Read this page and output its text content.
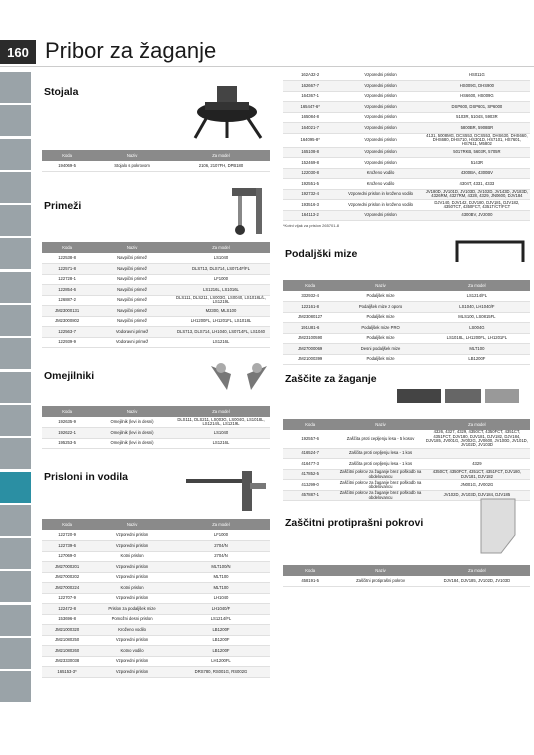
160 Pribor za žaganje
Stojala
Koda	Naziv	Za model
194069-5	Stojalo s pokrovom	2106, 2107FH, DPB180
Primeži
Koda	Naziv	Za model
122538-8	Navpični primež	LS1040
122571-8	Navpični primež	DLS713, DLS714, LS0714F/FL
122728-1	Navpični primež	LF1000
122854-6	Navpični primež	LS1216L, LS1016L
126887-2	Navpični primež	DLS111, DLS211, LS003G, LS0040, LS1018L/L, LS1219L
JM23000131	Navpični primež	M2300, MLS100
JM23000802	Navpični primež	LH1200FL, LH1201FL, LS1018L
122563-7	Vodoravni primež	DLS713, DLS714, LH1040, LS0714FL, LS1040
122939-9	Vodoravni primež	LS1216L
Omejilniki
Koda	Naziv	Za model
192635-9	Omejilnik (levi in desni)	DLS111, DLS211, LS003G, LS004G, LS1018L, LS1214/L, LS1219L
192622-1	Omejilnik (levi in desni)	LS1040
195253-5	Omejilnik (levi in desni)	LS1216L
Prisloni in vodila
Koda	Naziv	Za model
122720-9	Vzporedni prislon	LF1000
122739-6	Vzporedni prislon	2704/N
127069-0	Kotni prislon	2704/N
JM27000201	Vzporedni prislon	MLT100/N
JM27000202	Vzporedni prislon	MLT100
JM27000224	Kotni prislon	MLT100
122707-9	Vzporedni prislon	LH1040
122472-8	Prislon za podaljšek mize	LH1040/F
153696-8	Pomožni desni prislon	LS1214/FL
JM21000320	Kroženo vodilo	LB1200F
JM21080250	Vzporedni prislon	LB1200F
JM21080260	Kotno vodilo	LB1200F
JM23330038	Vzporedni prislon	LH1200FL
165153-3*	Vzporedni prislon	DRS780, RS001G, RS002G
162A32-2	Vzporedni prislon	HS011G
162667-7	Vzporedni prislon	HS009G, DHS900
164367-1	Vzporedni prislon	HS6600, HS009G
165447-6*	Vzporedni prislon	DSP600, DSP601, SP6000
165084-8	Vzporedni prislon	5103R, 5104S, 5903R
164021-7	Vzporedni prislon	5800BR, 5908BR
164095-8*	Vzporedni prislon	4131, 5008MG, DCS553, DCS553, DHS630, DHS660, DHS680, DHS710, HS301D, HS7101, HS7601, HS7611, M5802
165108-8	Vzporedni prislon	5017RKB, 5603R, 5705R
152469-8	Vzporedni prislon	5143R
122030-8	Kroženo vodilo	4300BA, 4300BV
192551-5	Kroženo vodilo	4304T, 4331, 4333
192732-4	Vzporedni prislon in kroženo vodilo	JV180D, JV101D, JV103D, JV102D, JV143D, JV183D, 4326RM, 4327RM, 4328, 4329, JN0600, DJV184
193516-3	Vzporedni prislon in kroženo vodilo	DJV140, DJV142, DJV180, DJV181, DJV182, 4350TCT, 4350FCT, 4351T/CT/FCT
164113-2	Vzporedni prislon	4300BV, JV2000
*Kotni vijak za prislon 265701-8
Podaljški mize
Koda	Naziv	Za model
332932-4	Podaljšek mize	LS1214/FL
122161-8	Podaljšek mize z oporo	LS1040, LH1040/F
JM23080127	Podaljšek mize	MLS100, LS0815FL
191U81-6	Podaljšek mize PRO	LS004G
JM23100590	Podaljšek mize	LS1018L, LH1200FL, LH1201FL
JM27000069	Desni podaljšek mize	MLT100
JM21000399	Podaljšek mize	LB1200F
Zaščite za žaganje
Koda	Naziv	Za model
192557-6	Zaščita proti cepljenju lesa - 5 kosov	4326, 4327, 4329, 4350CT, 4350FCT, 4351CT, 4351FCT, DJV180, DJV181, DJV182, DJV184, DJV185, JV001G, JV002G, JV0600, JV100D, JV101D, JV102D, JV103D
416524-7	Zaščita proti cepljenju lesa - 1 kos	
416477-3	Zaščita proti cepljenju lesa - 1 kos	4329
417852-5	Zaščitni pokrov za žaganje brez poškodb na obdelovancu	4350CT, 4350FCT, 4351CT, 4351FCT, DJV180, DJV181, DJV182
413J99-0	Zaščitni pokrov za žaganje brez poškodb na obdelovancu	JN001G, JV002G
457887-1	Zaščitni pokrov za žaganje brez poškodb na obdelovancu	JV102D, JV103D, DJV184, DJV185
Zaščitni protiprašni pokrovi
Koda	Naziv	Za model
458191-5	Zaščitni protiprašni pokrov	DJV184, DJV185, JV102D, JV103D
